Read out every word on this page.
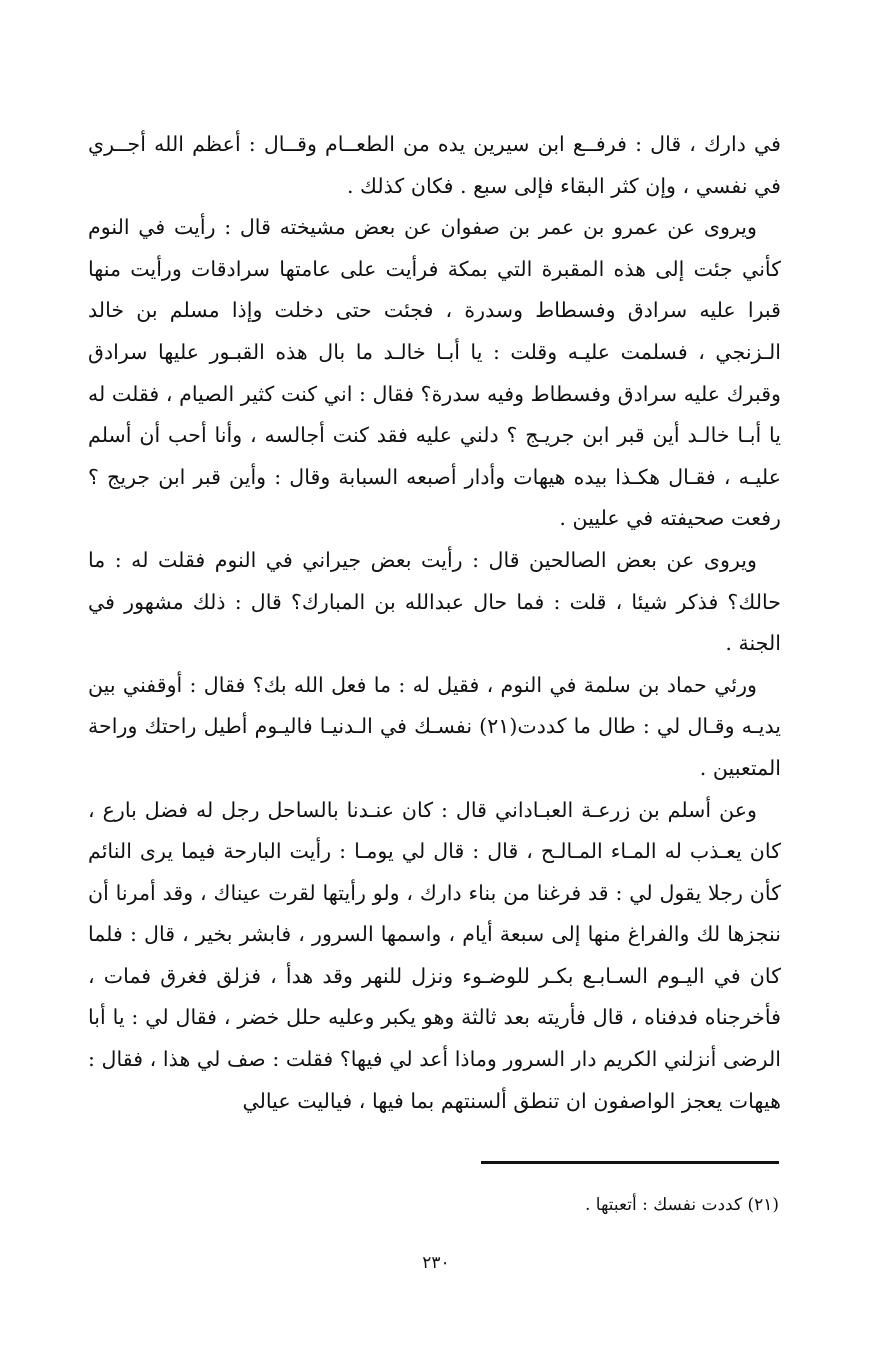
في دارك ، قال : فرفــع ابن سيرين يده من الطعــام وقــال : أعظم الله أجــري في نفسي ، وإن كثر البقاء فإلى سبع . فكان كذلك .

ويروى عن عمرو بن عمر بن صفوان عن بعض مشيخته قال : رأيت في النوم كأني جئت إلى هذه المقبرة التي بمكة فرأيت على عامتها سرادقات ورأيت منها قبرا عليه سرادق وفسطاط وسدرة ، فجئت حتى دخلت وإذا مسلم بن خالد الـزنجي ، فسلمت عليـه وقلت : يا أبـا خالـد ما بال هذه القبـور عليها سرادق وقبرك عليه سرادق وفسطاط وفيه سدرة؟ فقال : اني كنت كثير الصيام ، فقلت له يا أبـا خالـد أين قبر ابن جريـج ؟ دلني عليه فقد كنت أجالسه ، وأنا أحب أن أسلم عليـه ، فقـال هكـذا بيده هيهات وأدار أصبعه السبابة وقال : وأين قبر ابن جريج ؟ رفعت صحيفته في عليين .

ويروى عن بعض الصالحين قال : رأيت بعض جيراني في النوم فقلت له : ما حالك؟ فذكر شيئا ، قلت : فما حال عبدالله بن المبارك؟ قال : ذلك مشهور في الجنة .

ورئي حماد بن سلمة في النوم ، فقيل له : ما فعل الله بك؟ فقال : أوقفني بين يديـه وقـال لي : طال ما كددت(٢١) نفسـك في الـدنيـا فاليـوم أطيل راحتك وراحة المتعبين .

وعن أسلم بن زرعـة العبـاداني قال : كان عنـدنا بالساحل رجل له فضل بارع ، كان يعـذب له المـاء المـالـح ، قال : قال لي يومـا : رأيت البارحة فيما يرى النائم كأن رجلا يقول لي : قد فرغنا من بناء دارك ، ولو رأيتها لقرت عيناك ، وقد أمرنا أن ننجزها لك والفراغ منها إلى سبعة أيام ، واسمها السرور ، فابشر بخير ، قال : فلما كان في اليـوم السـابـع بكـر للوضـوء ونزل للنهر وقد هدأ ، فزلق فغرق فمات ، فأخرجناه فدفناه ، قال فأريته بعد ثالثة وهو يكبر وعليه حلل خضر ، فقال لي : يا أبا الرضى أنزلني الكريم دار السرور وماذا أعد لي فيها؟ فقلت : صف لي هذا ، فقال : هيهات يعجز الواصفون ان تنطق ألسنتهم بما فيها ، فياليت عيالي

(٢١) كددت نفسك : أتعبتها .
٢٣٠
